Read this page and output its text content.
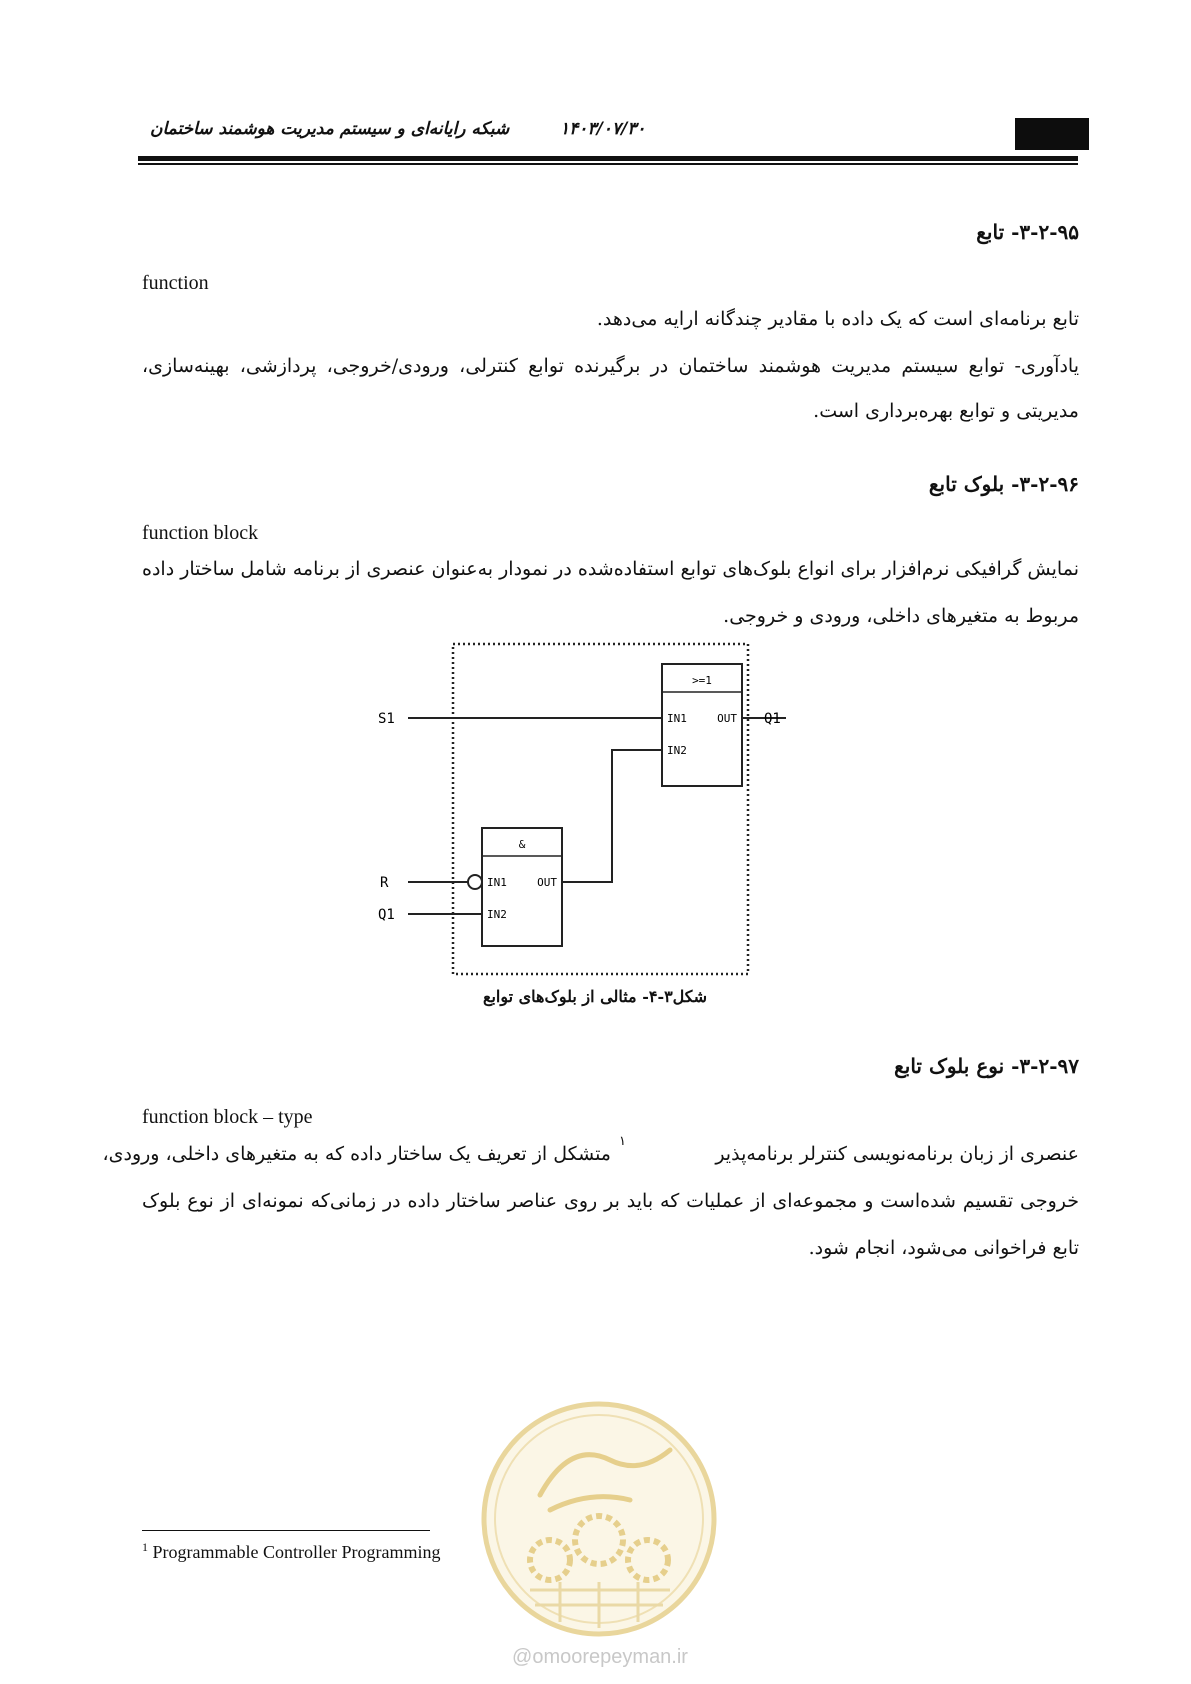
شبکه رایانه‌ای و سیستم مدیریت هوشمند ساختمان	۱۴۰۳/۰۷/۳۰
۳-۲-۹۵- تابع
function
تابع برنامه‌ای است که یک داده با مقادیر چندگانه ارایه می‌دهد.
یادآوری- توابع سیستم مدیریت هوشمند ساختمان در برگیرنده توابع کنترلی، ورودی/خروجی، پردازشی، بهینه‌سازی،
مدیریتی و توابع بهره‌برداری است.
۳-۲-۹۶- بلوک تابع
function block
نمایش گرافیکی نرم‌افزار برای انواع بلوک‌های توابع استفاده‌شده در نمودار به‌عنوان عنصری از برنامه شامل ساختار داده
مربوط به متغیرهای داخلی، ورودی و خروجی.
>=1
IN1
IN2
OUT
&
IN1
IN2
OUT
S1
R
Q1
Q1
شکل۳-۴- مثالی از بلوک‌های توابع
۳-۲-۹۷- نوع بلوک تابع
function block – type
عنصری از زبان برنامه‌نویسی کنترلر برنامه‌پذیر
۱
متشکل از تعریف یک ساختار داده که به متغیرهای داخلی، ورودی،
خروجی تقسیم شده‌است و مجموعه‌ای از عملیات که باید بر روی عناصر ساختار داده در زمانی‌که نمونه‌ای از نوع بلوک
تابع فراخوانی می‌شود، انجام شود.
$^1$ Programmable Controller Programming
@omoorepeyman.ir
